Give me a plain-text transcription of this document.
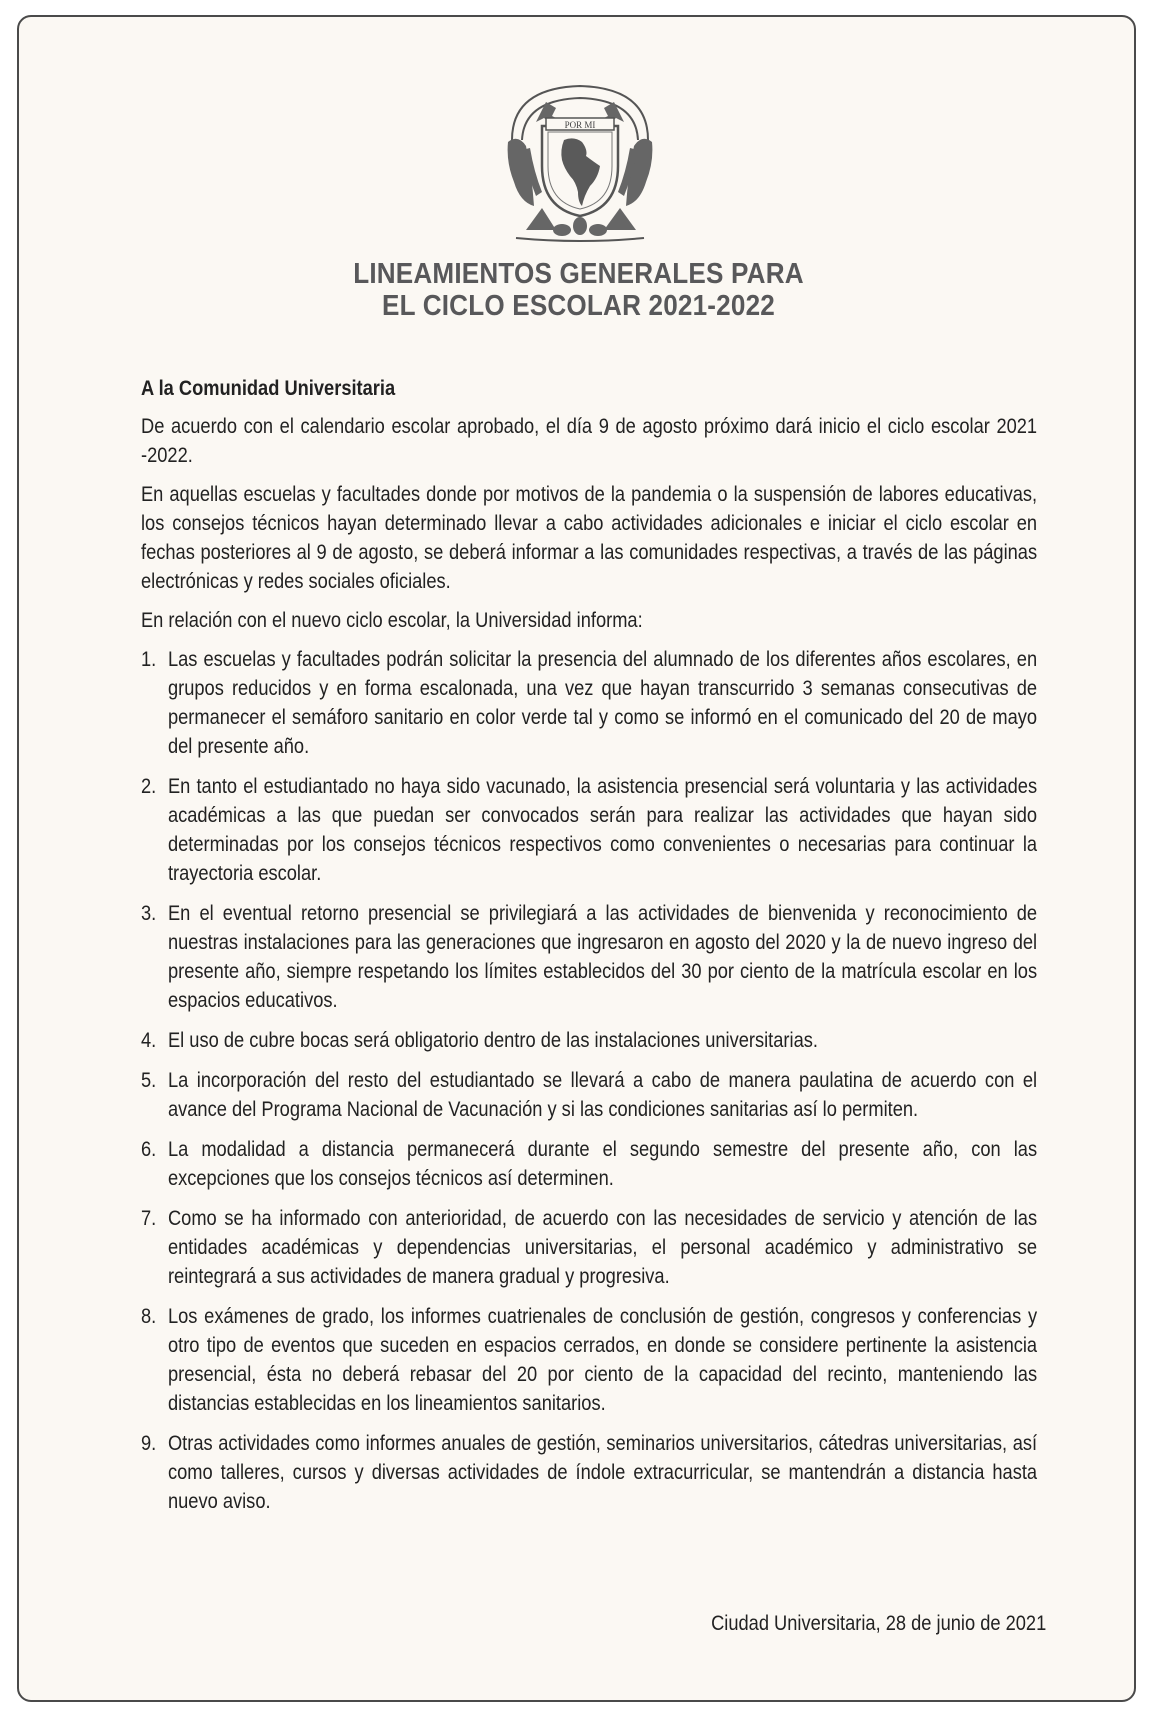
POR MI
LINEAMIENTOS GENERALES PARA
EL CICLO ESCOLAR 2021-2022

A la Comunidad Universitaria

De acuerdo con el calendario escolar aprobado, el día 9 de agosto próximo dará inicio el ciclo escolar 2021 -2022.

En aquellas escuelas y facultades donde por motivos de la pandemia o la suspensión de labores educativas, los consejos técnicos hayan determinado llevar a cabo actividades adicionales e iniciar el ciclo escolar en fechas posteriores al 9 de agosto, se deberá informar a las comunidades respectivas, a través de las páginas electrónicas y redes sociales oficiales.

En relación con el nuevo ciclo escolar, la Universidad informa:

1. Las escuelas y facultades podrán solicitar la presencia del alumnado de los diferentes años escolares, en grupos reducidos y en forma escalonada, una vez que hayan transcurrido 3 semanas consecutivas de permanecer el semáforo sanitario en color verde tal y como se informó en el comunicado del 20 de mayo del presente año.
2. En tanto el estudiantado no haya sido vacunado, la asistencia presencial será voluntaria y las actividades académicas a las que puedan ser convocados serán para realizar las actividades que hayan sido determinadas por los consejos técnicos respectivos como convenientes o necesarias para continuar la trayectoria escolar.
3. En el eventual retorno presencial se privilegiará a las actividades de bienvenida y reconocimiento de nuestras instalaciones para las generaciones que ingresaron en agosto del 2020 y la de nuevo ingreso del presente año, siempre respetando los límites establecidos del 30 por ciento de la matrícula escolar en los espacios educativos.
4. El uso de cubre bocas será obligatorio dentro de las instalaciones universitarias.
5. La incorporación del resto del estudiantado se llevará a cabo de manera paulatina de acuerdo con el avance del Programa Nacional de Vacunación y si las condiciones sanitarias así lo permiten.
6. La modalidad a distancia permanecerá durante el segundo semestre del presente año, con las excepciones que los consejos técnicos así determinen.
7. Como se ha informado con anterioridad, de acuerdo con las necesidades de servicio y atención de las entidades académicas y dependencias universitarias, el personal académico y administrativo se reintegrará a sus actividades de manera gradual y progresiva.
8. Los exámenes de grado, los informes cuatrienales de conclusión de gestión, congresos y conferencias y otro tipo de eventos que suceden en espacios cerrados, en donde se considere pertinente la asistencia presencial, ésta no deberá rebasar del 20 por ciento de la capacidad del recinto, manteniendo las distancias establecidas en los lineamientos sanitarios.
9. Otras actividades como informes anuales de gestión, seminarios universitarios, cátedras universitarias, así como talleres, cursos y diversas actividades de índole extracurricular, se mantendrán a distancia hasta nuevo aviso.
Ciudad Universitaria, 28 de junio de 2021
